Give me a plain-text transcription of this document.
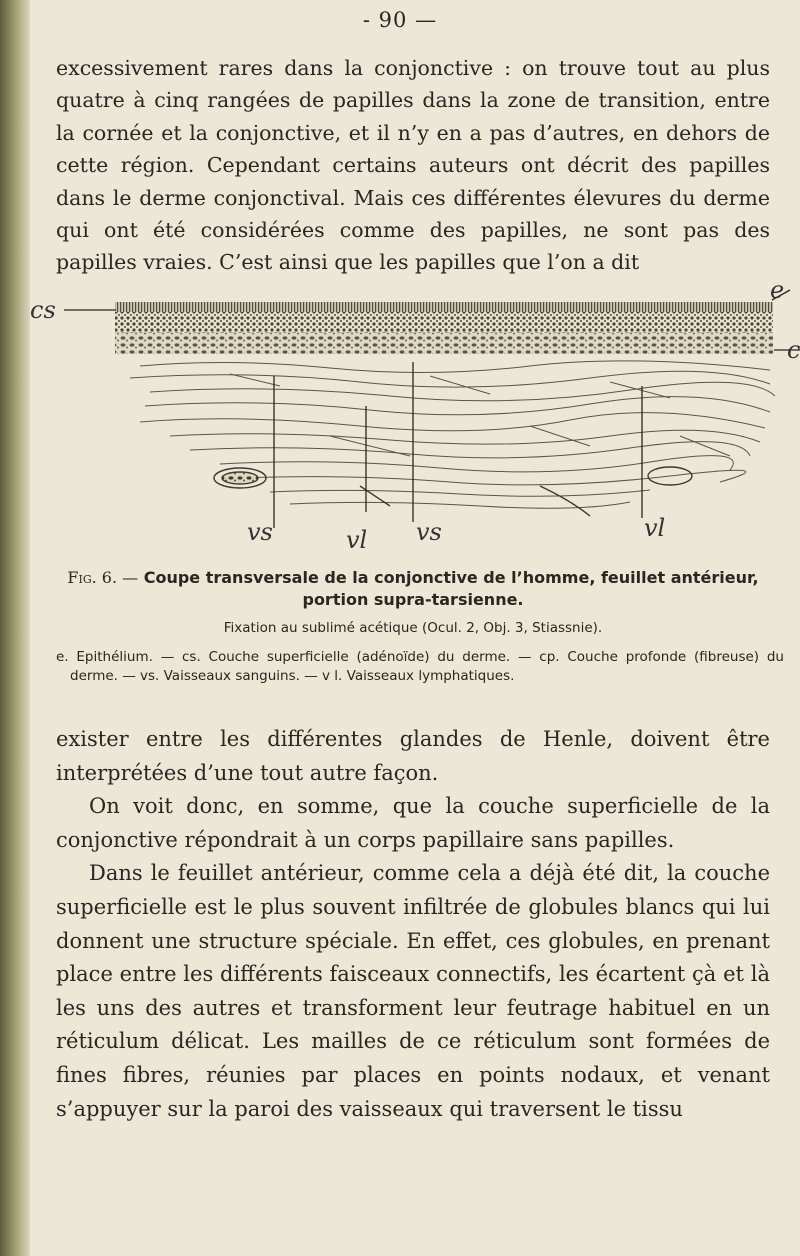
- 90 —

excessivement rares dans la conjonctive : on trouve tout au plus quatre à cinq rangées de papilles dans la zone de transition, entre la cornée et la conjonctive, et il n’y en a pas d’autres, en dehors de cette région. Cependant certains auteurs ont décrit des papilles dans le derme conjonctival. Mais ces différentes élevures du derme qui ont été considérées comme des papilles, ne sont pas des papilles vraies. C’est ainsi que les papilles que l’on a dit

e
cs
c
vs	vl vs	vl

Fig. 6. — Coupe transversale de la conjonctive de l’homme, feuillet antérieur, portion supra-tarsienne.

Fixation au sublimé acétique (Ocul. 2, Obj. 3, Stiassnie).

e. Epithélium. — cs. Couche superficielle (adénoïde) du derme. — cp. Couche profonde (fibreuse) du derme. — vs. Vaisseaux sanguins. — v l. Vaisseaux lymphatiques.

exister entre les différentes glandes de Henle, doivent être interprétées d’une tout autre façon.

On voit donc, en somme, que la couche superficielle de la conjonctive répondrait à un corps papillaire sans papilles.

Dans le feuillet antérieur, comme cela a déjà été dit, la couche superficielle est le plus souvent infiltrée de globules blancs qui lui donnent une structure spéciale. En effet, ces globules, en prenant place entre les différents faisceaux connectifs, les écartent çà et là les uns des autres et transforment leur feutrage habituel en un réticulum délicat. Les mailles de ce réticulum sont formées de fines fibres, réunies par places en points nodaux, et venant s’appuyer sur la paroi des vaisseaux qui traversent le tissu
